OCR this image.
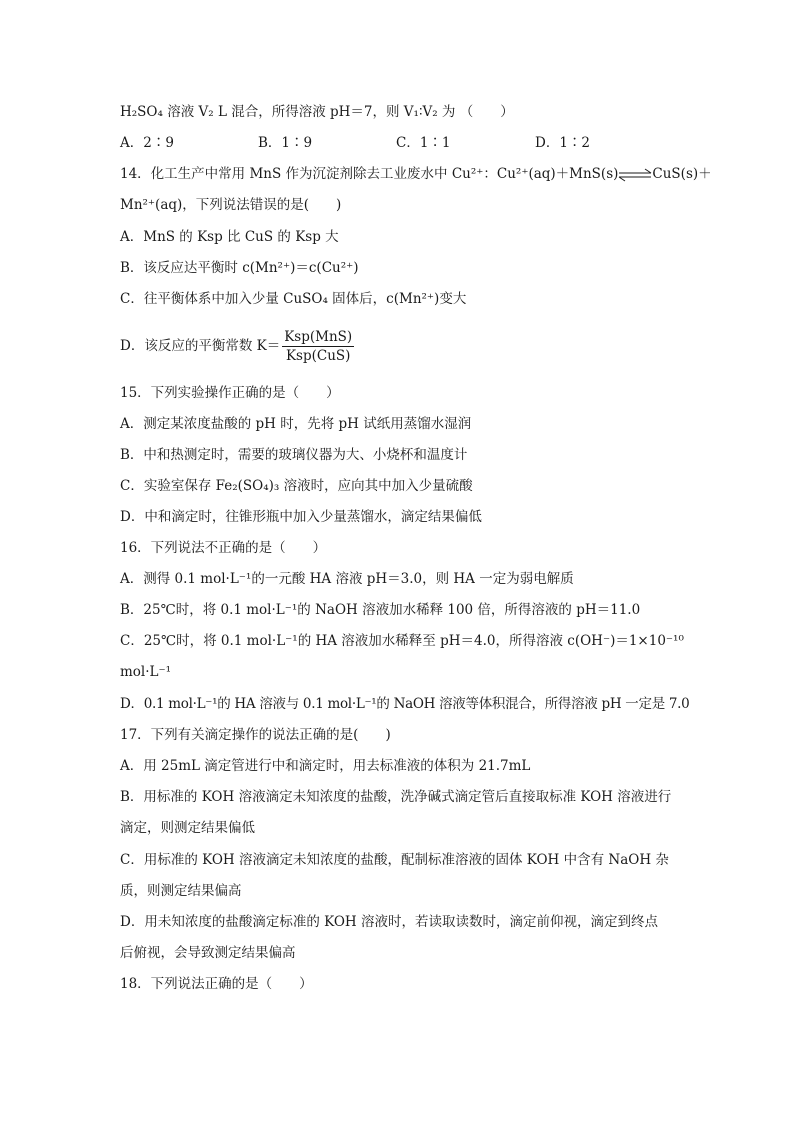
H₂SO₄ 溶液 V₂ L 混合，所得溶液 pH＝7，则 V₁∶V₂ 为 （　　）
A．2∶9	B．1∶9	C．1∶1	D．1∶2
14．化工生产中常用 MnS 作为沉淀剂除去工业废水中 Cu²⁺：Cu²⁺(aq)＋MnS(s)⇌CuS(s)＋
Mn²⁺(aq)，下列说法错误的是(　　)
A．MnS 的 Ksp 比 CuS 的 Ksp 大
B．该反应达平衡时 c(Mn²⁺)＝c(Cu²⁺)
C．往平衡体系中加入少量 CuSO₄ 固体后，c(Mn²⁺)变大
D．该反应的平衡常数 $K= \frac{\text{Ksp(MnS)}}{\text{Ksp(CuS)}}$
15．下列实验操作正确的是（　　）
A．测定某浓度盐酸的 pH 时，先将 pH 试纸用蒸馏水湿润
B．中和热测定时，需要的玻璃仪器为大、小烧杯和温度计
C．实验室保存 Fe₂(SO₄)₃ 溶液时，应向其中加入少量硫酸
D．中和滴定时，往锥形瓶中加入少量蒸馏水，滴定结果偏低
16．下列说法不正确的是（　　）
A．测得 0.1 mol·L⁻¹的一元酸 HA 溶液 pH＝3.0，则 HA 一定为弱电解质
B．25℃时，将 0.1 mol·L⁻¹的 NaOH 溶液加水稀释 100 倍，所得溶液的 pH＝11.0
C．25℃时，将 0.1 mol·L⁻¹的 HA 溶液加水稀释至 pH＝4.0，所得溶液 c(OH⁻)＝1×10⁻¹⁰
mol·L⁻¹
D．0.1 mol·L⁻¹的 HA 溶液与 0.1 mol·L⁻¹的 NaOH 溶液等体积混合，所得溶液 pH 一定是 7.0
17．下列有关滴定操作的说法正确的是(　　)
A．用 25mL 滴定管进行中和滴定时，用去标准液的体积为 21.7mL
B．用标准的 KOH 溶液滴定未知浓度的盐酸，洗净碱式滴定管后直接取标准 KOH 溶液进行
滴定，则测定结果偏低
C．用标准的 KOH 溶液滴定未知浓度的盐酸，配制标准溶液的固体 KOH 中含有 NaOH 杂
质，则测定结果偏高
D．用未知浓度的盐酸滴定标准的 KOH 溶液时，若读取读数时，滴定前仰视，滴定到终点
后俯视，会导致测定结果偏高
18．下列说法正确的是（　　）
